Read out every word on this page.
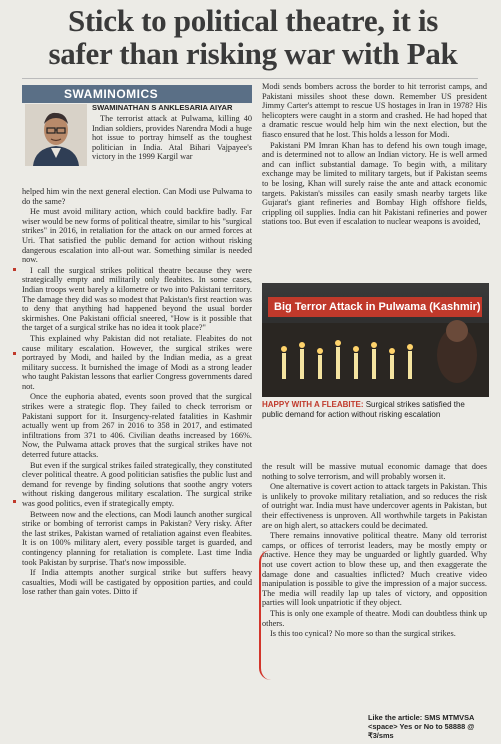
Stick to political theatre, it is
safer than risking war with Pak
SWAMINOMICS
SWAMINATHAN S ANKLESARIA AIYAR

The terrorist attack at Pulwama, killing 40 Indian soldiers, provides Narendra Modi a huge hot issue to portray himself as the toughest politician in India. Atal Bihari Vajpayee's victory in the 1999 Kargil war

helped him win the next general election. Can Modi use Pulwama to do the same?

He must avoid military action, which could backfire badly. Far wiser would be new forms of political theatre, similar to his "surgical strikes" in 2016, in retaliation for the attack on our armed forces at Uri. That satisfied the public demand for action without risking dangerous escalation into all-out war. Something similar is needed now.

I call the surgical strikes political theatre because they were strategically empty and militarily only fleabites. In some cases, Indian troops went barely a kilometre or two into Pakistani territory. The damage they did was so modest that Pakistan's first reaction was to deny that anything had happened beyond the usual border skirmishes. One Pakistani official sneered, "How is it possible that the target of a surgical strike has no idea it took place?"

This explained why Pakistan did not retaliate. Fleabites do not cause military escalation. However, the surgical strikes were portrayed by Modi, and hailed by the Indian media, as a great military success. It burnished the image of Modi as a strong leader who taught Pakistan lessons that earlier Congress governments dared not.

Once the euphoria abated, events soon proved that the surgical strikes were a strategic flop. They failed to check terrorism or Pakistani support for it. Insurgency-related fatalities in Kashmir actually went up from 267 in 2016 to 358 in 2017, and estimated infiltrations from 371 to 406. Civilian deaths increased by 166%. Now, the Pulwama attack proves that the surgical strikes have not deterred future attacks.

But even if the surgical strikes failed strategically, they constituted clever political theatre. A good politician satisfies the public lust and demand for revenge by finding solutions that soothe angry voters without risking dangerous military escalation. The surgical strike was good politics, even if strategically empty.

Between now and the elections, can Modi launch another surgical strike or bombing of terrorist camps in Pakistan? Very risky. After the last strikes, Pakistan warned of retaliation against even fleabites. It is on 100% military alert, every possible target is guarded, and contingency planning for retaliation is complete. Last time India took Pakistan by surprise. That's now impossible.

If India attempts another surgical strike but suffers heavy casualties, Modi will be castigated by opposition parties, and could lose rather than gain votes. Ditto if

Modi sends bombers across the border to hit terrorist camps, and Pakistani missiles shoot these down. Remember US president Jimmy Carter's attempt to rescue US hostages in Iran in 1978? His helicopters were caught in a storm and crashed. He had hoped that a dramatic rescue would help him win the next election, but the fiasco ensured that he lost. This holds a lesson for Modi.

Pakistani PM Imran Khan has to defend his own tough image, and is determined not to allow an Indian victory. He is well armed and can inflict substantial damage. To begin with, a military exchange may be limited to military targets, but if Pakistan seems to be losing, Khan will surely raise the ante and attack economic targets. Pakistan's missiles can easily smash nearby targets like Gujarat's giant refineries and Bombay High offshore fields, crippling oil supplies. India can hit Pakistani refineries and power stations too. But even if escalation to nuclear weapons is avoided,

Big Terror Attack in Pulwama (Kashmir)
HAPPY WITH A FLEABITE: Surgical strikes satisfied the public demand for action without risking escalation

the result will be massive mutual economic damage that does nothing to solve terrorism, and will probably worsen it.

One alternative is covert action to attack targets in Pakistan. This is unlikely to provoke military retaliation, and so reduces the risk of outright war. India must have undercover agents in Pakistan, but their effectiveness is unproven. All worthwhile targets in Pakistan are on high alert, so attackers could be decimated.

There remains innovative political theatre. Many old terrorist camps, or offices of terrorist leaders, may be mostly empty or inactive. Hence they may be unguarded or lightly guarded. Why not use covert action to blow these up, and then exaggerate the damage done and casualties inflicted? Much creative video manipulation is possible to give the impression of a major success. The media will readily lap up tales of victory, and opposition parties will look unpatriotic if they object.

This is only one example of theatre. Modi can doubtless think up others.

Is this too cynical? No more so than the surgical strikes.

Like the article: SMS MTMVSA
<space> Yes or No to 58888 @ ₹3/sms
